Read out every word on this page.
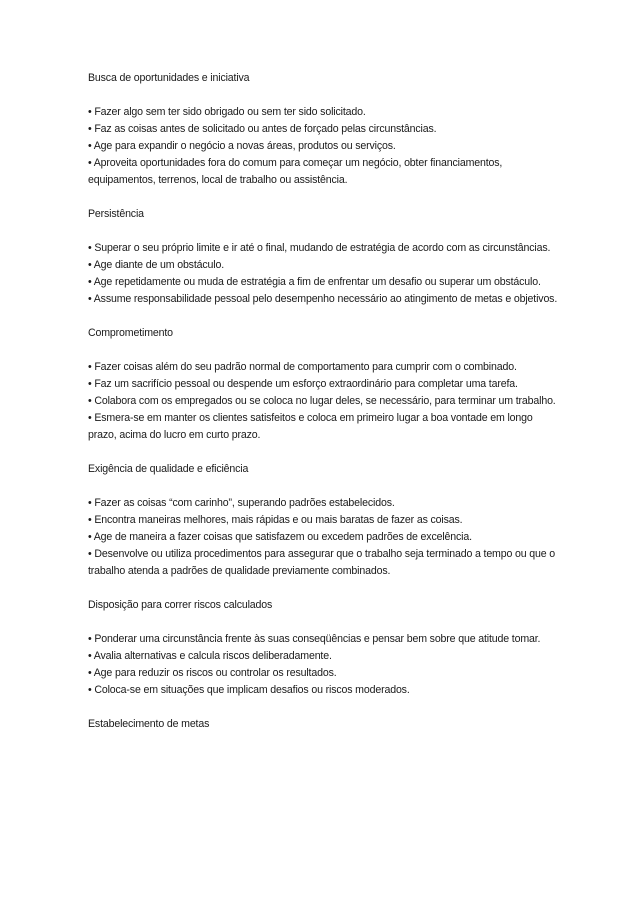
Busca de oportunidades e iniciativa

• Fazer algo sem ter sido obrigado ou sem ter sido solicitado.
• Faz as coisas antes de solicitado ou antes de forçado pelas circunstâncias.
• Age para expandir o negócio a novas áreas, produtos ou serviços.
• Aproveita oportunidades fora do comum para começar um negócio, obter financiamentos, equipamentos, terrenos, local de trabalho ou assistência.

Persistência

• Superar o seu próprio limite e ir até o final, mudando de estratégia de acordo com as circunstâncias.
• Age diante de um obstáculo.
• Age repetidamente ou muda de estratégia a fim de enfrentar um desafio ou superar um obstáculo.
• Assume responsabilidade pessoal pelo desempenho necessário ao atingimento de metas e objetivos.

Comprometimento

• Fazer coisas além do seu padrão normal de comportamento para cumprir com o combinado.
• Faz um sacrifício pessoal ou despende um esforço extraordinário para completar uma tarefa.
• Colabora com os empregados ou se coloca no lugar deles, se necessário, para terminar um trabalho.
• Esmera-se em manter os clientes satisfeitos e coloca em primeiro lugar a boa vontade em longo prazo, acima do lucro em curto prazo.

Exigência de qualidade e eficiência

• Fazer as coisas “com carinho”, superando padrões estabelecidos.
• Encontra maneiras melhores, mais rápidas e ou mais baratas de fazer as coisas.
• Age de maneira a fazer coisas que satisfazem ou excedem padrões de excelência.
• Desenvolve ou utiliza procedimentos para assegurar que o trabalho seja terminado a tempo ou que o trabalho atenda a padrões de qualidade previamente combinados.

Disposição para correr riscos calculados

• Ponderar uma circunstância frente às suas conseqüências e pensar bem sobre que atitude tomar.
• Avalia alternativas e calcula riscos deliberadamente.
• Age para reduzir os riscos ou controlar os resultados.
• Coloca-se em situações que implicam desafios ou riscos moderados.

Estabelecimento de metas
